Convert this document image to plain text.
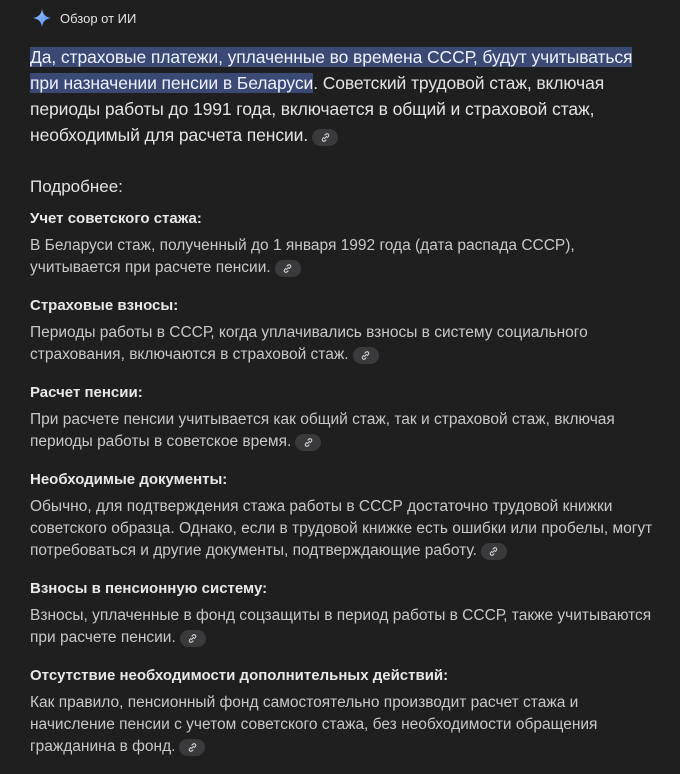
Обзор от ИИ
Да, страховые платежи, уплаченные во времена СССР, будут учитываться при назначении пенсии в Беларуси. Советский трудовой стаж, включая периоды работы до 1991 года, включается в общий и страховой стаж, необходимый для расчета пенсии.
Подробнее:
Учет советского стажа:
В Беларуси стаж, полученный до 1 января 1992 года (дата распада СССР), учитывается при расчете пенсии.
Страховые взносы:
Периоды работы в СССР, когда уплачивались взносы в систему социального страхования, включаются в страховой стаж.
Расчет пенсии:
При расчете пенсии учитывается как общий стаж, так и страховой стаж, включая периоды работы в советское время.
Необходимые документы:
Обычно, для подтверждения стажа работы в СССР достаточно трудовой книжки советского образца. Однако, если в трудовой книжке есть ошибки или пробелы, могут потребоваться и другие документы, подтверждающие работу.
Взносы в пенсионную систему:
Взносы, уплаченные в фонд соцзащиты в период работы в СССР, также учитываются при расчете пенсии.
Отсутствие необходимости дополнительных действий:
Как правило, пенсионный фонд самостоятельно производит расчет стажа и начисление пенсии с учетом советского стажа, без необходимости обращения гражданина в фонд.
